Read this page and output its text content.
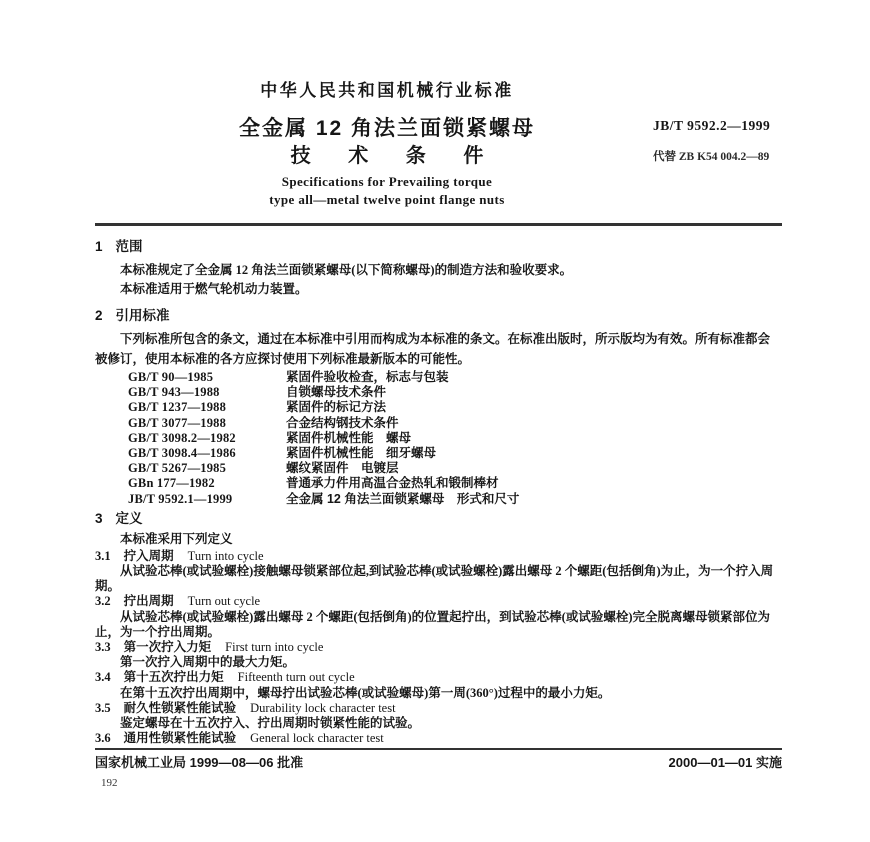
中华人民共和国机械行业标准
全金属 12 角法兰面锁紧螺母
技 术 条 件
Specifications for Prevailing torque
type all—metal twelve point flange nuts
JB/T 9592.2—1999
代替 ZB K54 004.2—89
1 范围
本标准规定了全金属 12 角法兰面锁紧螺母(以下简称螺母)的制造方法和验收要求。
本标准适用于燃气轮机动力装置。
2 引用标准
下列标准所包含的条文，通过在本标准中引用而构成为本标准的条文。在标准出版时，所示版均为有效。所有标准都会被修订，使用本标准的各方应探讨使用下列标准最新版本的可能性。
GB/T 90—1985	紧固件验收检查，标志与包装
GB/T 943—1988	自锁螺母技术条件
GB/T 1237—1988	紧固件的标记方法
GB/T 3077—1988	合金结构钢技术条件
GB/T 3098.2—1982	紧固件机械性能　螺母
GB/T 3098.4—1986	紧固件机械性能　细牙螺母
GB/T 5267—1985	螺纹紧固件　电镀层
GBn 177—1982	普通承力件用高温合金热轧和锻制棒材
JB/T 9592.1—1999	全金属 12 角法兰面锁紧螺母　形式和尺寸
3 定义
本标准采用下列定义
3.1 拧入周期 Turn into cycle
从试验芯棒(或试验螺栓)接触螺母锁紧部位起,到试验芯棒(或试验螺栓)露出螺母 2 个螺距(包括倒角)为止，为一个拧入周期。
3.2 拧出周期 Turn out cycle
从试验芯棒(或试验螺栓)露出螺母 2 个螺距(包括倒角)的位置起拧出，到试验芯棒(或试验螺栓)完全脱离螺母锁紧部位为止，为一个拧出周期。
3.3 第一次拧入力矩 First turn into cycle
第一次拧入周期中的最大力矩。
3.4 第十五次拧出力矩 Fifteenth turn out cycle
在第十五次拧出周期中，螺母拧出试验芯棒(或试验螺母)第一周(360°)过程中的最小力矩。
3.5 耐久性锁紧性能试验 Durability lock character test
鉴定螺母在十五次拧入、拧出周期时锁紧性能的试验。
3.6 通用性锁紧性能试验 General lock character test
国家机械工业局 1999—08—06 批准	2000—01—01 实施
192
